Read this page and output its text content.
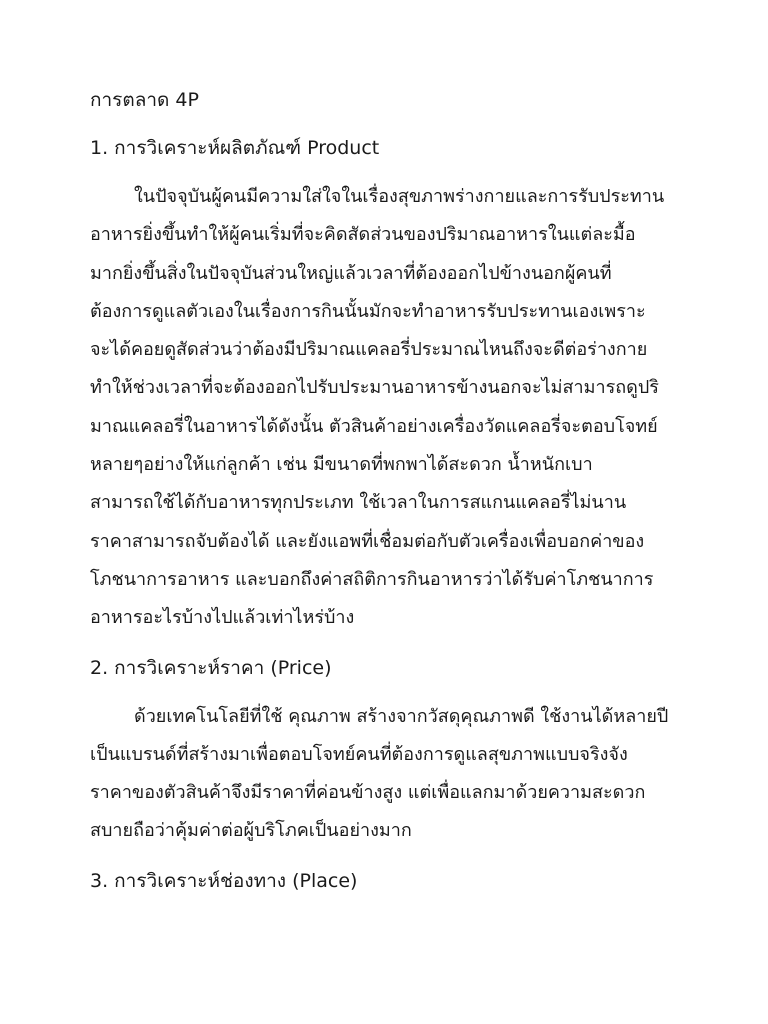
การตลาด 4P
1. การวิเคราะห์ผลิตภัณฑ์ Product
ในปัจจุบันผู้คนมีความใส่ใจในเรื่องสุขภาพร่างกายและการรับประทาน
อาหารยิ่งขึ้นทำให้ผู้คนเริ่มที่จะคิดสัดส่วนของปริมาณอาหารในแต่ละมื้อ
มากยิ่งขึ้นสิ่งในปัจจุบันส่วนใหญ่แล้วเวลาที่ต้องออกไปข้างนอกผู้คนที่
ต้องการดูแลตัวเองในเรื่องการกินนั้นมักจะทำอาหารรับประทานเองเพราะ
จะได้คอยดูสัดส่วนว่าต้องมีปริมาณแคลอรี่ประมาณไหนถึงจะดีต่อร่างกาย
ทำให้ช่วงเวลาที่จะต้องออกไปรับประมานอาหารข้างนอกจะไม่สามารถดูปริ
มาณแคลอรี่ในอาหารได้ดังนั้น ตัวสินค้าอย่างเครื่องวัดแคลอรี่จะตอบโจทย์
หลายๆอย่างให้แก่ลูกค้า เช่น มีขนาดที่พกพาได้สะดวก น้ำหนักเบา
สามารถใช้ได้กับอาหารทุกประเภท ใช้เวลาในการสแกนแคลอรี่ไม่นาน
ราคาสามารถจับต้องได้ และยังแอพที่เชื่อมต่อกับตัวเครื่องเพื่อบอกค่าของ
โภชนาการอาหาร และบอกถึงค่าสถิติการกินอาหารว่าได้รับค่าโภชนาการ
อาหารอะไรบ้างไปแล้วเท่าไหร่บ้าง
2. การวิเคราะห์ราคา (Price)
ด้วยเทคโนโลยีที่ใช้ คุณภาพ สร้างจากวัสดุคุณภาพดี ใช้งานได้หลายปี
เป็นแบรนด์ที่สร้างมาเพื่อตอบโจทย์คนที่ต้องการดูแลสุขภาพแบบจริงจัง
ราคาของตัวสินค้าจึงมีราคาที่ค่อนข้างสูง แต่เพื่อแลกมาด้วยความสะดวก
สบายถือว่าคุ้มค่าต่อผู้บริโภคเป็นอย่างมาก
3. การวิเคราะห์ช่องทาง (Place)
